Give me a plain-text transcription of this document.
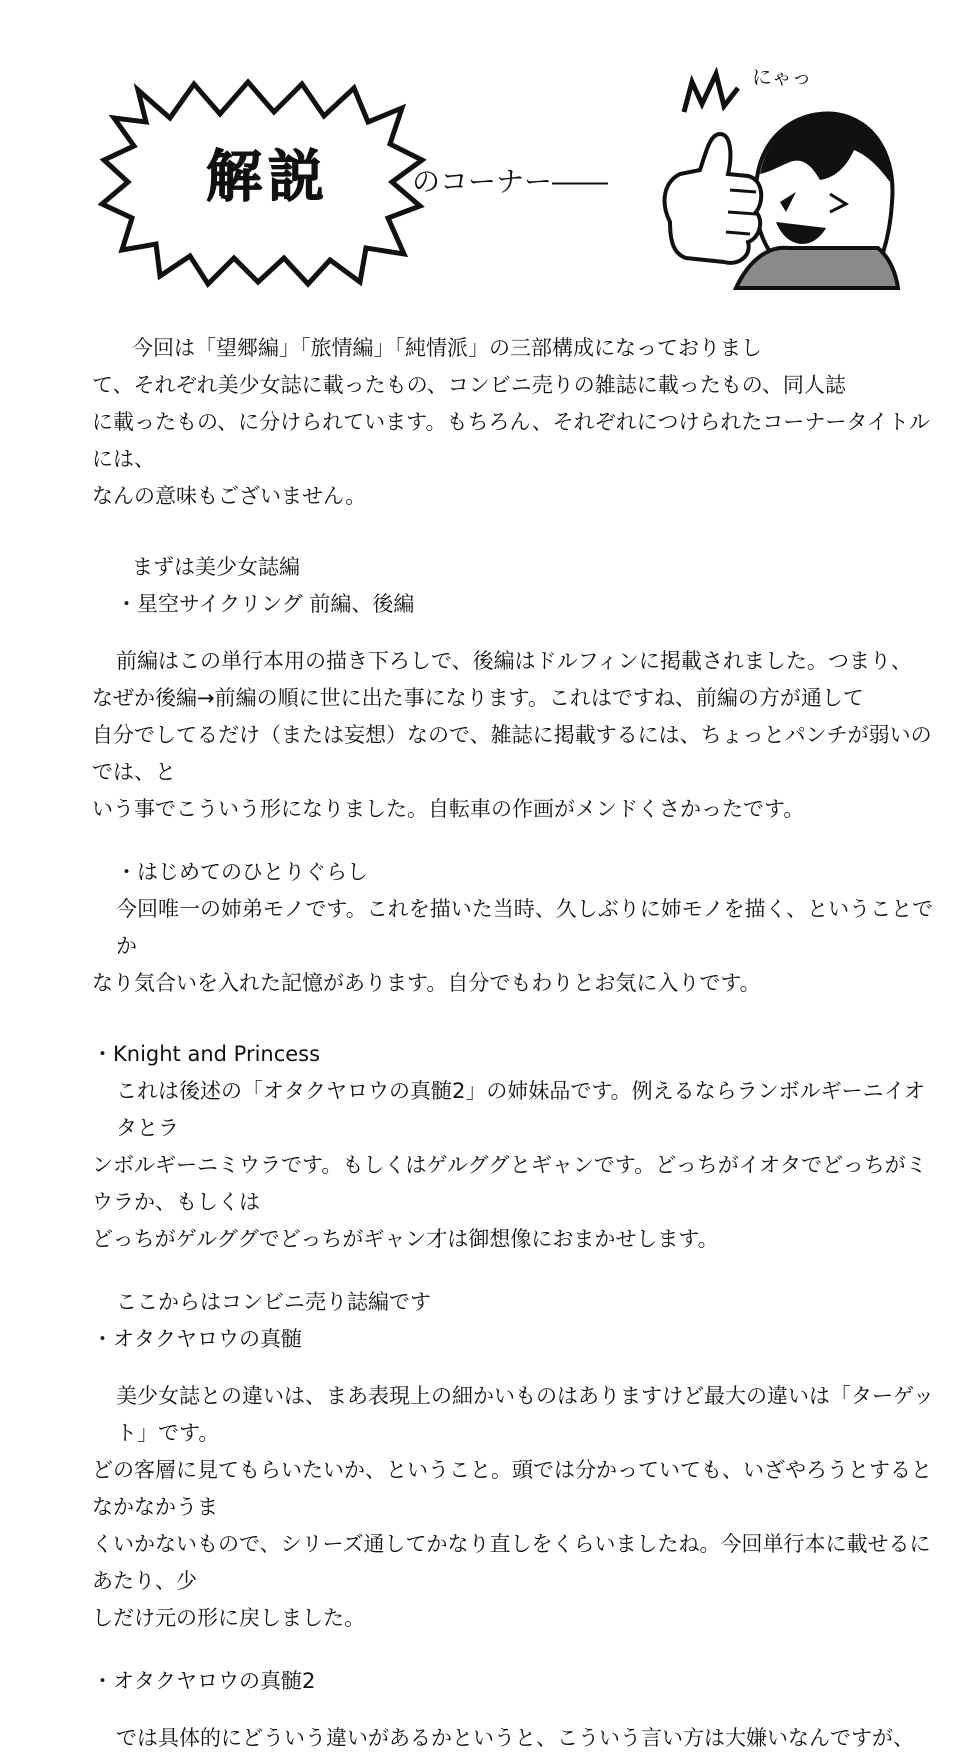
解説	のコーナー――
にゃっ

今回は「望郷編」「旅情編」「純情派」の三部構成になっておりまし

て、それぞれ美少女誌に載ったもの、コンビニ売りの雑誌に載ったもの、同人誌

に載ったもの、に分けられています。もちろん、それぞれにつけられたコーナータイトルには、

なんの意味もございません。

まずは美少女誌編

・星空サイクリング 前編、後編

前編はこの単行本用の描き下ろしで、後編はドルフィンに掲載されました。つまり、

なぜか後編→前編の順に世に出た事になります。これはですね、前編の方が通して

自分でしてるだけ（または妄想）なので、雑誌に掲載するには、ちょっとパンチが弱いのでは、と

いう事でこういう形になりました。自転車の作画がメンドくさかったです。

・はじめてのひとりぐらし

今回唯一の姉弟モノです。これを描いた当時、久しぶりに姉モノを描く、ということでか

なり気合いを入れた記憶があります。自分でもわりとお気に入りです。

・Knight and Princess

これは後述の「オタクヤロウの真髄2」の姉妹品です。例えるならランボルギーニイオタとラ

ンボルギーニミウラです。もしくはゲルググとギャンです。どっちがイオタでどっちがミウラか、もしくは

どっちがゲルググでどっちがギャン才は御想像におまかせします。

ここからはコンビニ売り誌編です

・オタクヤロウの真髄

美少女誌との違いは、まあ表現上の細かいものはありますけど最大の違いは「ターゲット」です。

どの客層に見てもらいたいか、ということ。頭では分かっていても、いざやろうとするとなかなかうま

くいかないもので、シリーズ通してかなり直しをくらいましたね。今回単行本に載せるにあたり、少

しだけ元の形に戻しました。

・オタクヤロウの真髄2

では具体的にどういう違いがあるかというと、こういう言い方は大嫌いなんですが、
